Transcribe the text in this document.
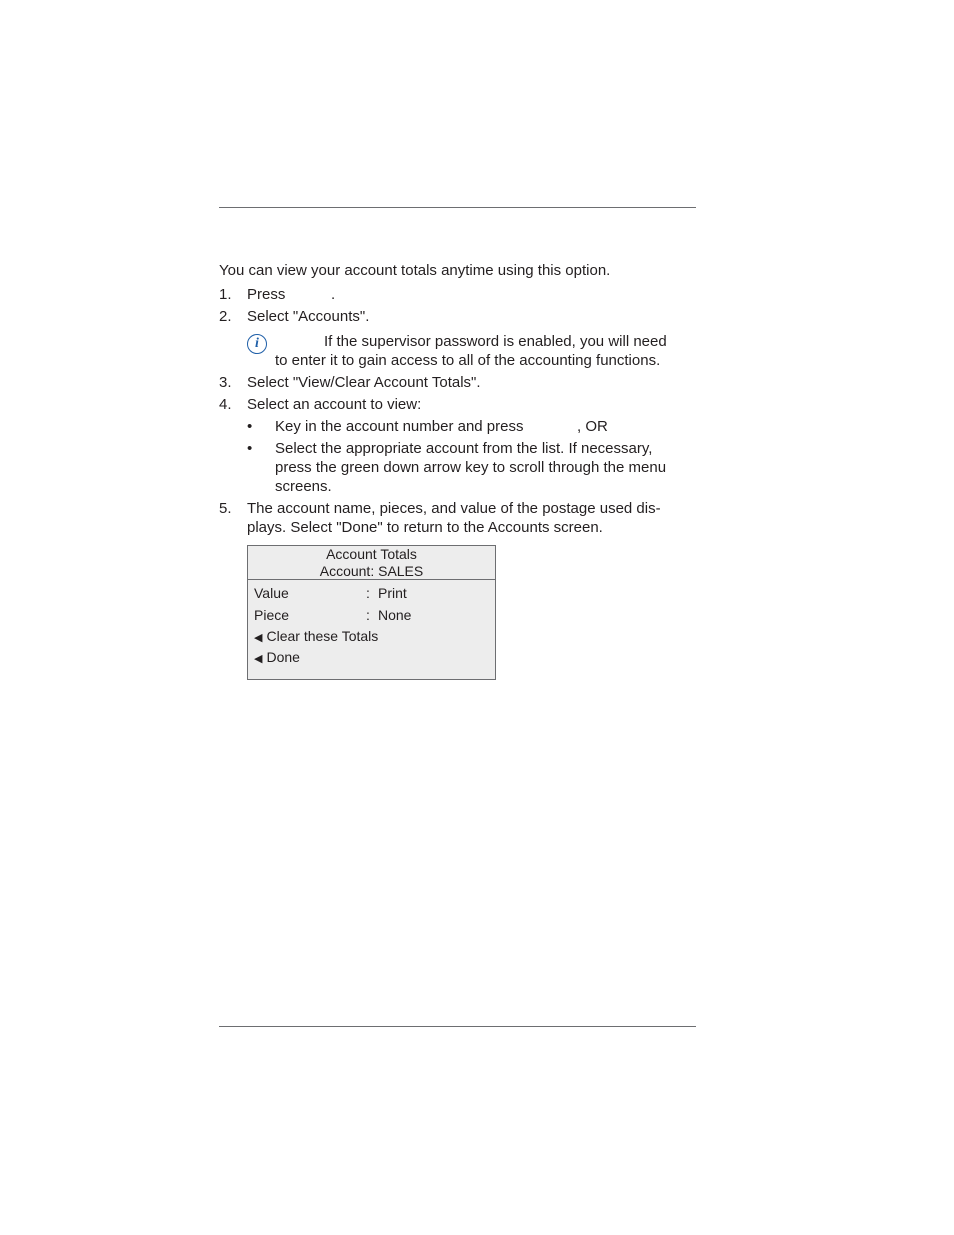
You can view your account totals anytime using this option.
1. Press	.
2. Select "Accounts".
i	If the supervisor password is enabled, you will need
to enter it to gain access to all of the accounting functions.
3. Select "View/Clear Account Totals".
4. Select an account to view:
• Key in the account number and press	, OR
• Select the appropriate account from the list. If necessary,
press the green down arrow key to scroll through the menu
screens.
5. The account name, pieces, and value of the postage used dis-
plays. Select "Done" to return to the Accounts screen.
Account Totals
Account: SALES
Value	: Print
Piece	: None
◀ Clear these Totals
◀ Done
